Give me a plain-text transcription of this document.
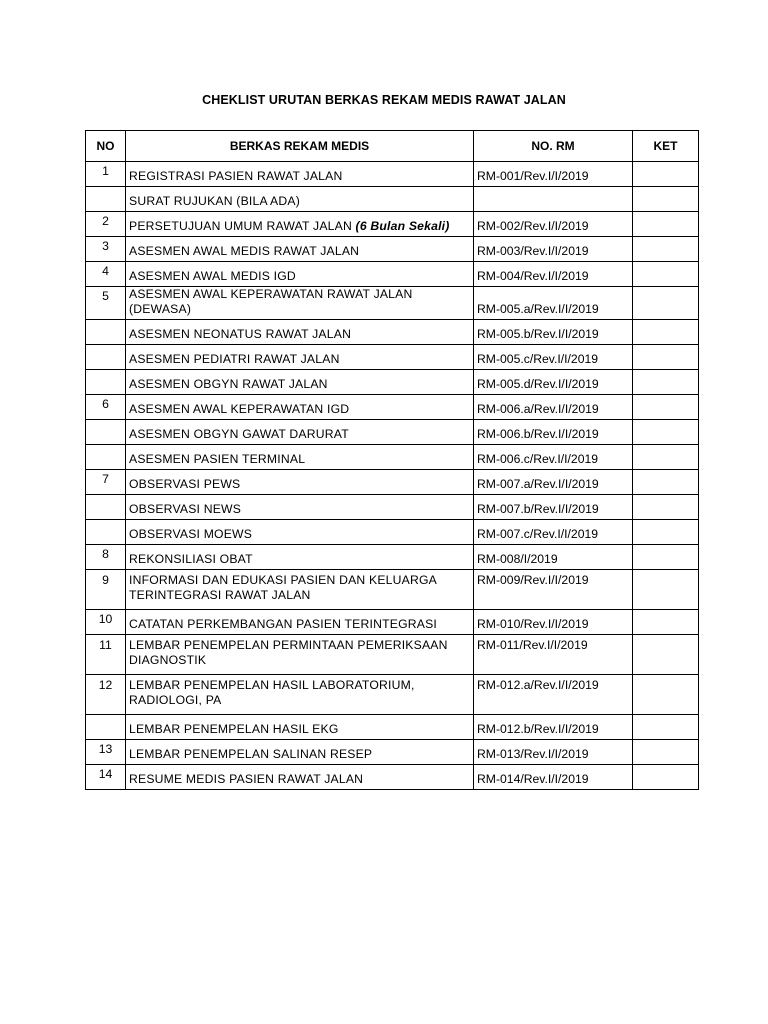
CHEKLIST URUTAN BERKAS REKAM MEDIS RAWAT JALAN
NO	BERKAS REKAM MEDIS	NO. RM	KET
1	REGISTRASI PASIEN RAWAT JALAN	RM-001/Rev.I/I/2019	
	SURAT RUJUKAN (BILA ADA)		
2	PERSETUJUAN UMUM RAWAT JALAN (6 Bulan Sekali)	RM-002/Rev.I/I/2019	
3	ASESMEN AWAL MEDIS RAWAT JALAN	RM-003/Rev.I/I/2019	
4	ASESMEN AWAL MEDIS IGD	RM-004/Rev.I/I/2019	
5	ASESMEN AWAL KEPERAWATAN RAWAT JALAN (DEWASA)	RM-005.a/Rev.I/I/2019	
	ASESMEN NEONATUS RAWAT JALAN	RM-005.b/Rev.I/I/2019	
	ASESMEN PEDIATRI RAWAT JALAN	RM-005.c/Rev.I/I/2019	
	ASESMEN OBGYN RAWAT JALAN	RM-005.d/Rev.I/I/2019	
6	ASESMEN AWAL KEPERAWATAN IGD	RM-006.a/Rev.I/I/2019	
	ASESMEN OBGYN GAWAT DARURAT	RM-006.b/Rev.I/I/2019	
	ASESMEN PASIEN TERMINAL	RM-006.c/Rev.I/I/2019	
7	OBSERVASI PEWS	RM-007.a/Rev.I/I/2019	
	OBSERVASI NEWS	RM-007.b/Rev.I/I/2019	
	OBSERVASI MOEWS	RM-007.c/Rev.I/I/2019	
8	REKONSILIASI OBAT	RM-008/I/2019	
9	INFORMASI DAN EDUKASI PASIEN DAN KELUARGA TERINTEGRASI RAWAT JALAN	RM-009/Rev.I/I/2019	
10	CATATAN PERKEMBANGAN PASIEN TERINTEGRASI	RM-010/Rev.I/I/2019	
11	LEMBAR PENEMPELAN PERMINTAAN PEMERIKSAAN DIAGNOSTIK	RM-011/Rev.I/I/2019	
12	LEMBAR PENEMPELAN HASIL LABORATORIUM, RADIOLOGI, PA	RM-012.a/Rev.I/I/2019	
	LEMBAR PENEMPELAN HASIL EKG	RM-012.b/Rev.I/I/2019	
13	LEMBAR PENEMPELAN SALINAN RESEP	RM-013/Rev.I/I/2019	
14	RESUME MEDIS PASIEN RAWAT JALAN	RM-014/Rev.I/I/2019	
